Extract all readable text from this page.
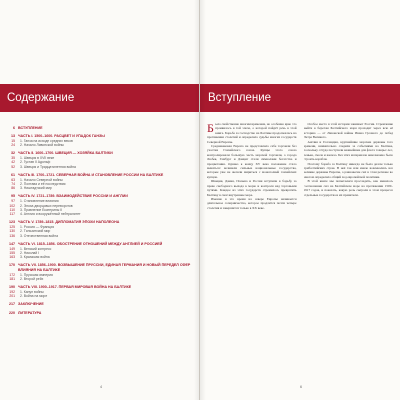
Содержание
6 ВСТУПЛЕНИЕ
13 ЧАСТЬ I. 1500–1600. РАСЦВЕТ И УПАДОК ГАНЗЫ
15	1. Ганза на исходе средних веков
24	2. Начало Ливонской войны
32 ЧАСТЬ II. 1600–1700. ШВЕЦИЯ — ХОЗЯЙКА БАЛТИКИ
35	1. Швеция в XVII веке
42	2. Густав II Адольф
52	3. Швеция и Тридцатилетняя война
61 ЧАСТЬ III. 1700–1721. СЕВЕРНАЯ ВОЙНА И СТАНОВЛЕНИЕ РОССИИ НА БАЛТИКЕ
63	1. Начало Северной войны
74	2. Полтава и её последствия
86	3. Ништадтский мир
95 ЧАСТЬ IV. 1721–1789. ВЗАИМОДЕЙСТВИЕ РОССИИ И АНГЛИИ
97	1. Становление влияния
102	2. Эпоха дворцовых переворотов
110	3. Правление Екатерины II
117	4. Англия и вооружённый нейтралитет
123 ЧАСТЬ V. 1789–1815. ДИПЛОМАТИЯ ЭПОХИ НАПОЛЕОНА
125	1. Россия — Франция
130	2. Тильзитский мир
136	3. Отечественная война
147 ЧАСТЬ VI. 1815–1856. ОБОСТРЕНИЕ ОТНОШЕНИЙ МЕЖДУ АНГЛИЕЙ И РОССИЕЙ
149	1. Венский конгресс
155	2. Николай I
163	3. Крымская война
170 ЧАСТЬ VII. 1856–1900. ВОЗВЫШЕНИЕ ПРУССИИ, ЕДИНАЯ ГЕРМАНИЯ И НОВЫЙ ПЕРЕДЕЛ СФЕР ВЛИЯНИЯ НА БАЛТИКЕ
172	1. Прусская империя
181	2. Второй рейх
190 ЧАСТЬ VIII. 1900–1917. ПЕРВАЯ МИРОВАЯ ВОЙНА НА БАЛТИКЕ
192	1. Канун войны
201	2. Война на море
217 ЗАКЛЮЧЕНИЕ
220 ЛИТЕРАТУРА
4
Вступление

Было свойственно многим временам, но особенно ярко это проявилось в той эпохе, о которой пойдёт речь в этой книге. Борьба за господство на Балтике продолжалась на протяжении столетий и определяла судьбы многих государств Северной Европы.

Средневековая Европа не представляла себе торговли без участия Ганзейского союза. Купцы этого союза контролировали большую часть морской торговли, а города Любек, Гамбург и Данциг стали символами богатства и процветания. Однако к концу XV века положение стало меняться: возникли сильные национальные государства, которые уже не желали мириться с монополией ганзейских купцов.

Швеция, Дания, Польша и Россия вступили в борьбу за право свободного выхода к морю и контроля над торговыми путями. Каждое из этих государств стремилось превратить Балтику в своё внутреннее море.

Именно в это время на севере Европы начинается длительное соперничество, которое продлится почти четыре столетия и завершится только в XX веке.

Особое место в этой истории занимает Россия. Стремление выйти к берегам Балтийского моря проходит через всю её историю — от Ливонской войны Ивана Грозного до побед Петра Великого.

Англия и Голландия, крупнейшие морские державы того времени, внимательно следили за событиями на Балтике, поскольку оттуда поступали важнейшие для флота товары: лес, пенька, смола и железо. Без этих материалов невозможно было строить корабли.

Поэтому борьба за Балтику никогда не была делом только прибалтийских стран. В неё так или иначе вовлекались все великие державы Европы, а равновесие сил в этом регионе во многом определяло общий ход европейской политики.

В этой книге мы попытаемся проследить, как менялось соотношение сил на Балтийском море на протяжении 1500–1917 годов, и показать, какую роль сыграли в этом процессе отдельные государства и их правители.

6
